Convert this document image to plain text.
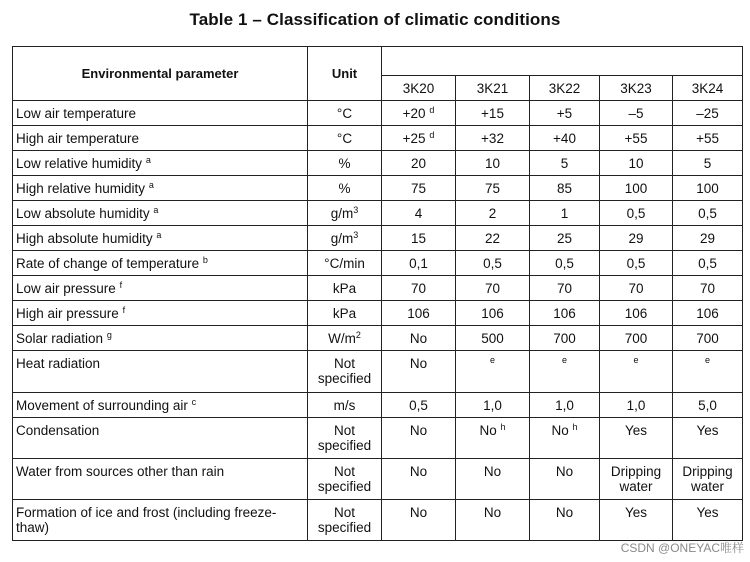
Table 1 – Classification of climatic conditions
Environmental parameter	Unit					
		3K20	3K21	3K22	3K23	3K24
Low air temperature	°C	+20 $^d$	+15	+5	–5	–25
High air temperature	°C	+25 $^d$	+32	+40	+55	+55
Low relative humidity $^a$	%	20	10	5	10	5
High relative humidity $^a$	%	75	75	85	100	100
Low absolute humidity $^a$	$g/m^3$	4	2	1	0,5	0,5
High absolute humidity $^a$	$g/m^3$	15	22	25	29	29
Rate of change of temperature $^b$	°C/min	0,1	0,5	0,5	0,5	0,5
Low air pressure $^f$	kPa	70	70	70	70	70
High air pressure $^f$	kPa	106	106	106	106	106
Solar radiation $^g$	$W/m^2$	No	500	700	700	700
Heat radiation	Not specified	No	$^e$	$^e$	$^e$	$^e$
Movement of surrounding air $^c$	m/s	0,5	1,0	1,0	1,0	5,0
Condensation	Not specified	No	No $^h$	No $^h$	Yes	Yes
Water from sources other than rain	Not specified	No	No	No	Dripping water	Dripping water
Formation of ice and frost (including freeze-thaw)	Not specified	No	No	No	Yes	Yes
CSDN @ONEYAC唯样
